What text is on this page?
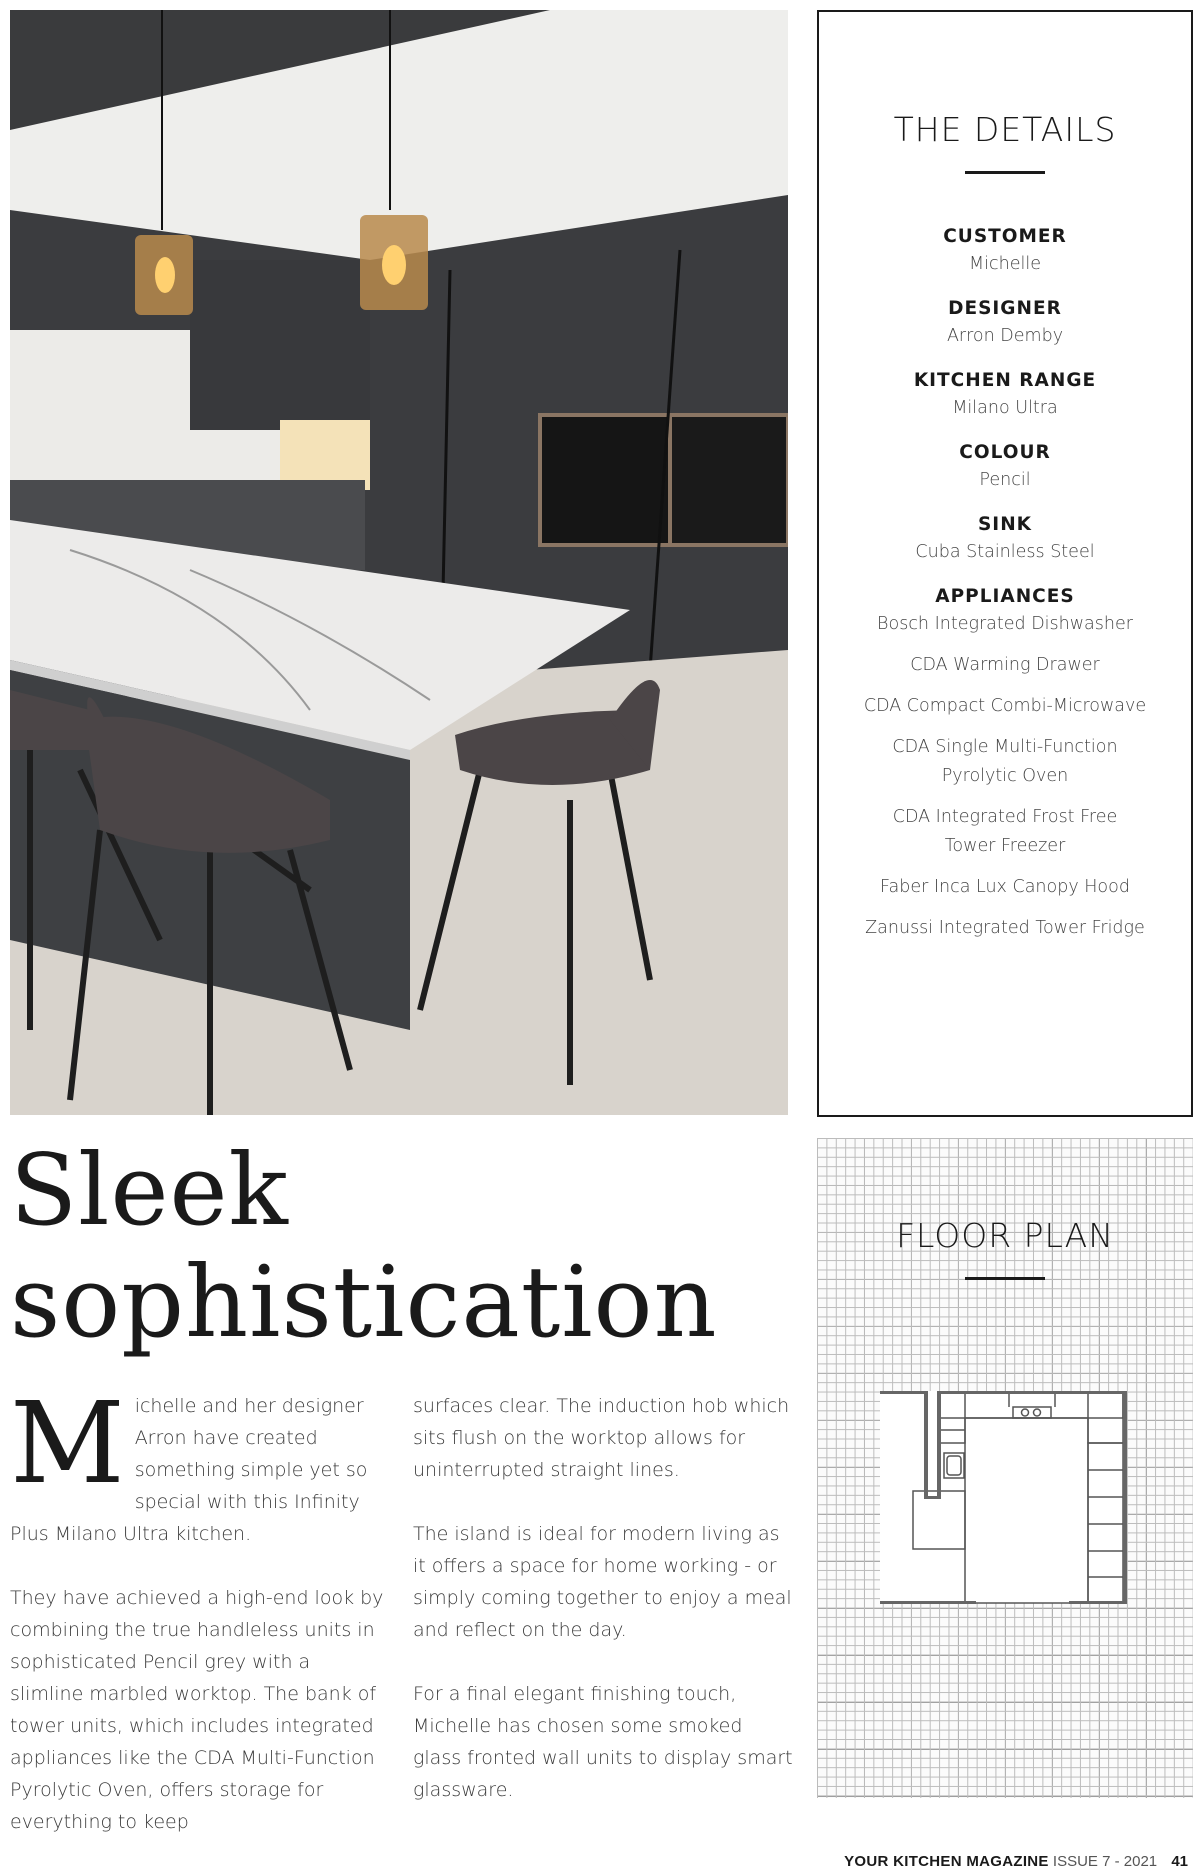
THE DETAILS
CUSTOMER
Michelle
DESIGNER
Arron Demby
KITCHEN RANGE
Milano Ultra
COLOUR
Pencil
SINK
Cuba Stainless Steel
APPLIANCES
Bosch Integrated Dishwasher
CDA Warming Drawer
CDA Compact Combi-Microwave
CDA Single Multi-Function Pyrolytic Oven
CDA Integrated Frost Free Tower Freezer
Faber Inca Lux Canopy Hood
Zanussi Integrated Tower Fridge
FLOOR PLAN
Sleek
sophistication

Michelle and her designer Arron have created something simple yet so special with this Infinity Plus Milano Ultra kitchen.

They have achieved a high-end look by combining the true handleless units in sophisticated Pencil grey with a slimline marbled worktop. The bank of tower units, which includes integrated appliances like the CDA Multi-Function Pyrolytic Oven, offers storage for everything to keep

surfaces clear. The induction hob which sits flush on the worktop allows for uninterrupted straight lines.

The island is ideal for modern living as it offers a space for home working - or simply coming together to enjoy a meal and reflect on the day.

For a final elegant finishing touch, Michelle has chosen some smoked glass fronted wall units to display smart glassware.

YOUR KITCHEN MAGAZINE ISSUE 7 - 2021 41
